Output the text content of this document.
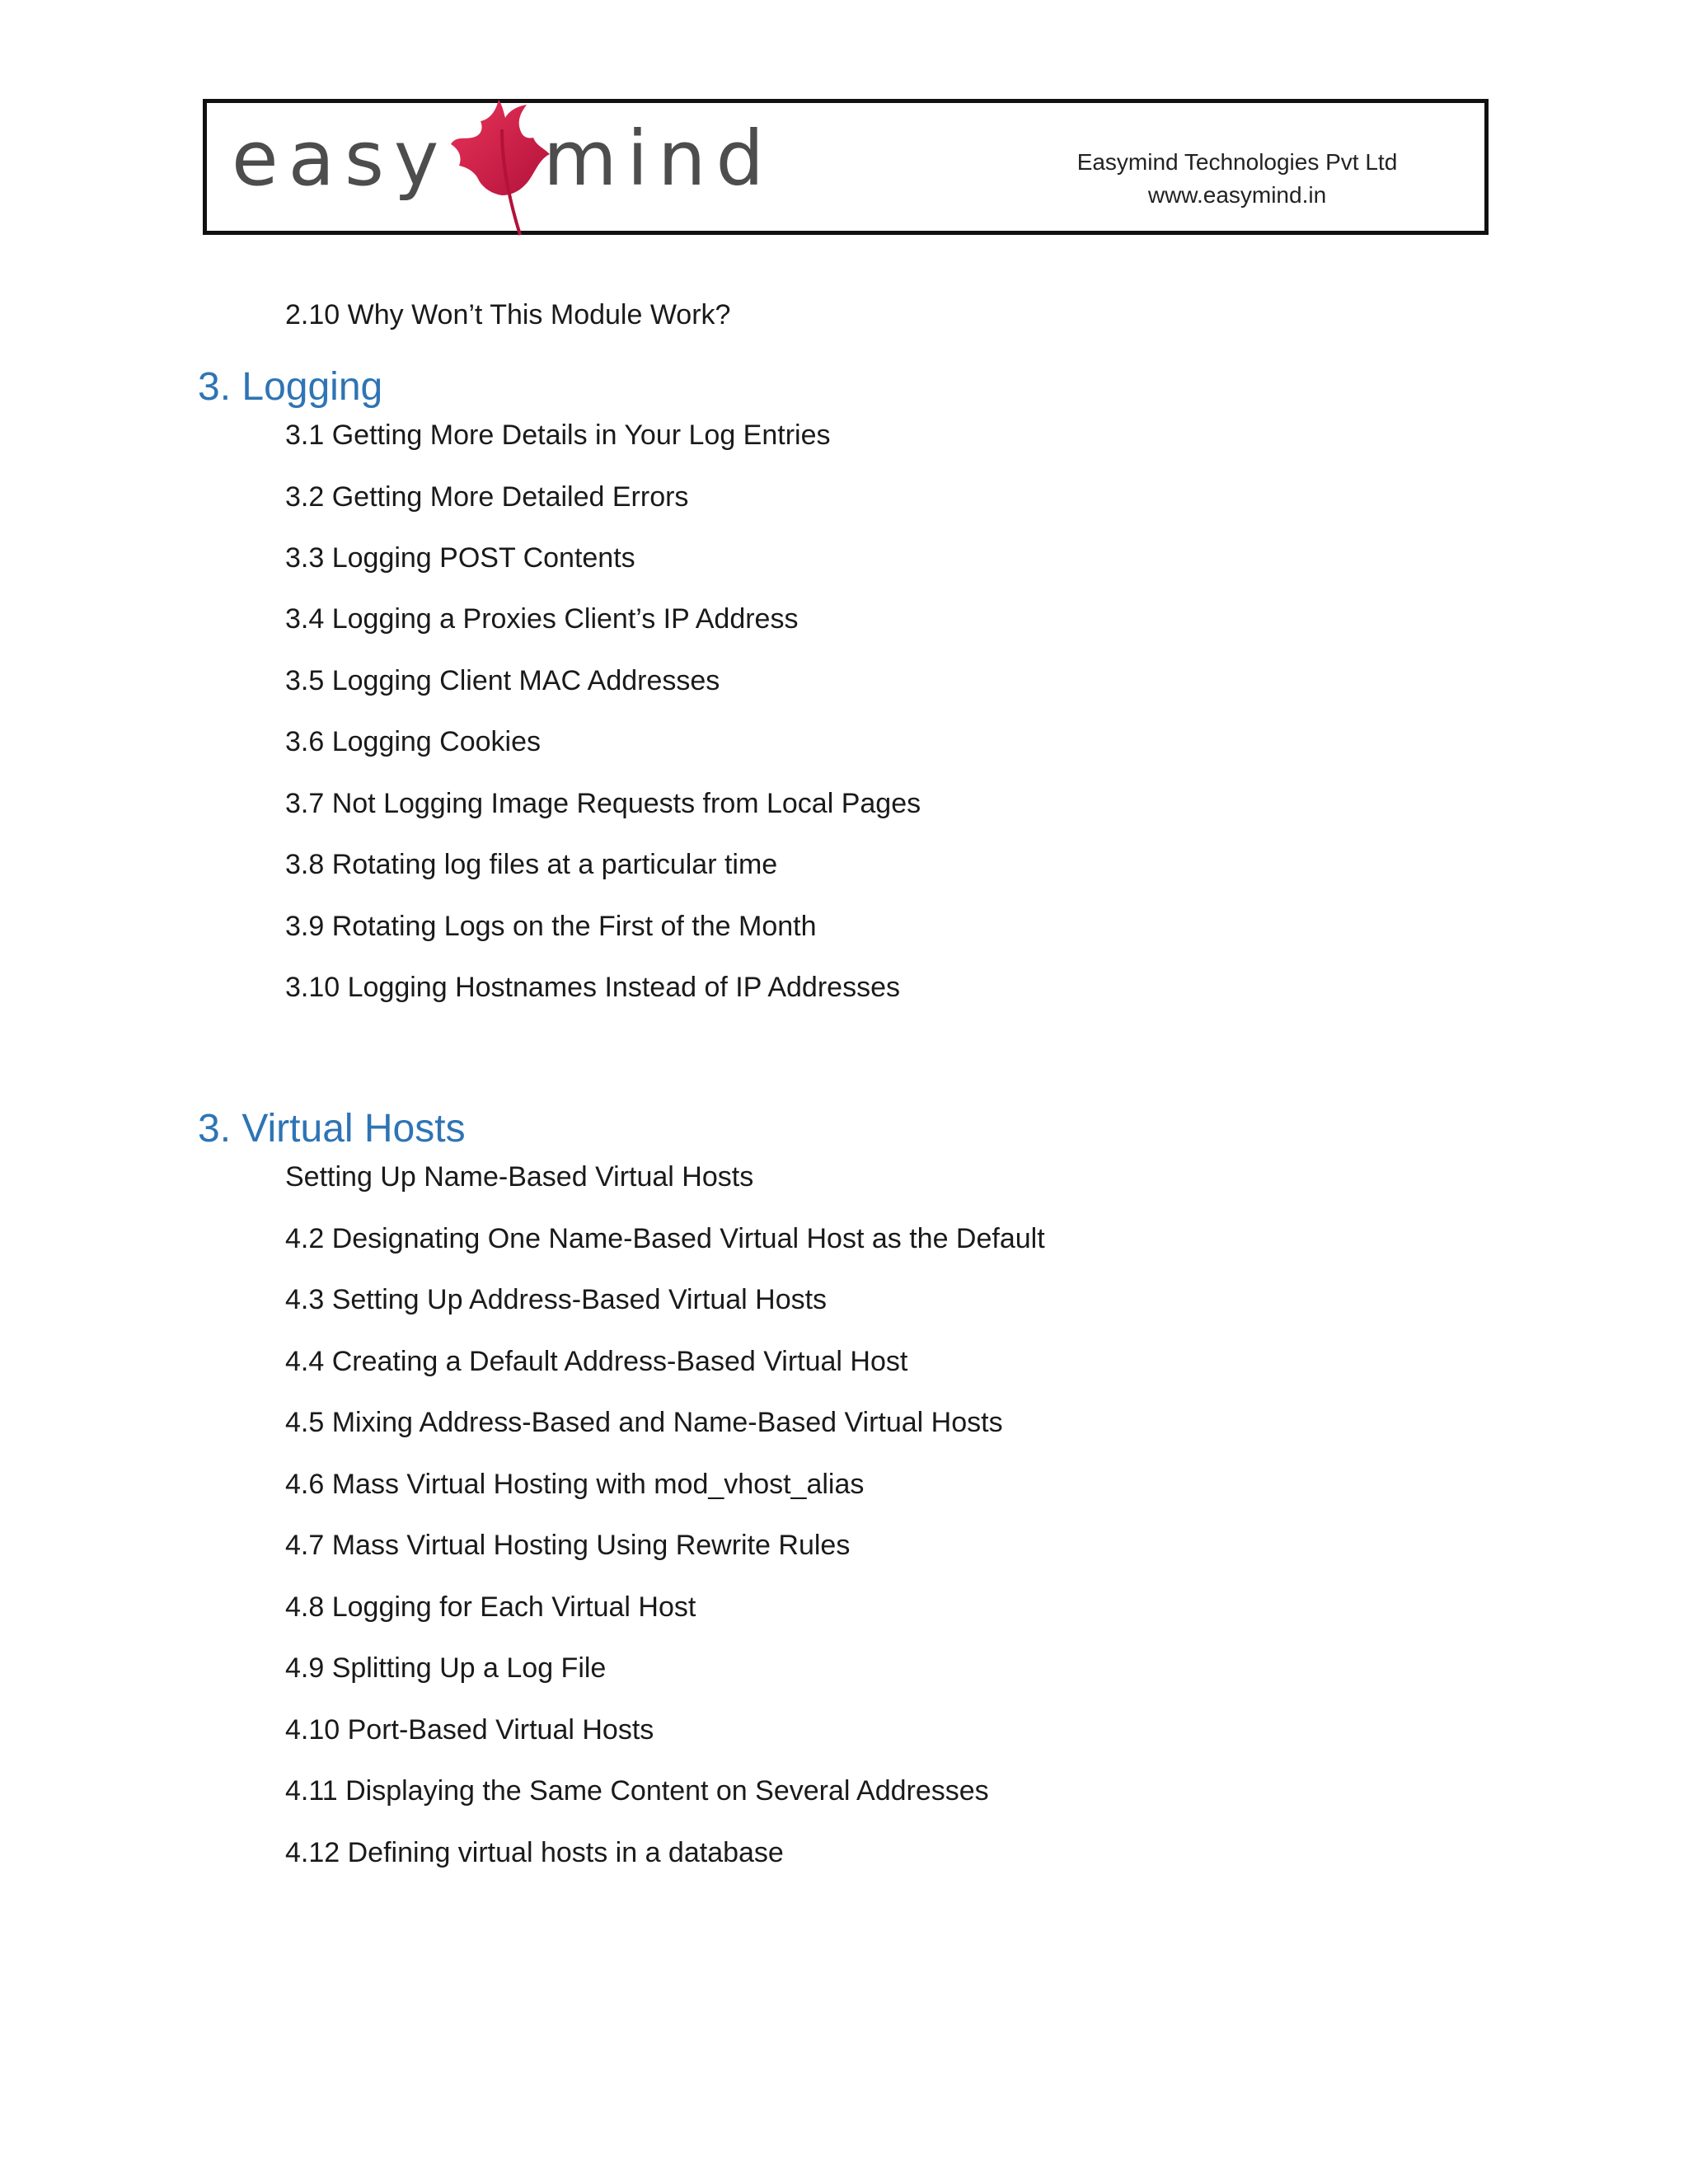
easy mind	Easymind Technologies Pvt Ltd
www.easymind.in
2.10 Why Won’t This Module Work?
3. Logging
3.1 Getting More Details in Your Log Entries
3.2 Getting More Detailed Errors
3.3 Logging POST Contents
3.4 Logging a Proxies Client’s IP Address
3.5 Logging Client MAC Addresses
3.6 Logging Cookies
3.7 Not Logging Image Requests from Local Pages
3.8 Rotating log files at a particular time
3.9 Rotating Logs on the First of the Month
3.10 Logging Hostnames Instead of IP Addresses
3. Virtual Hosts
Setting Up Name-Based Virtual Hosts
4.2 Designating One Name-Based Virtual Host as the Default
4.3 Setting Up Address-Based Virtual Hosts
4.4 Creating a Default Address-Based Virtual Host
4.5 Mixing Address-Based and Name-Based Virtual Hosts
4.6 Mass Virtual Hosting with mod_vhost_alias
4.7 Mass Virtual Hosting Using Rewrite Rules
4.8 Logging for Each Virtual Host
4.9 Splitting Up a Log File
4.10 Port-Based Virtual Hosts
4.11 Displaying the Same Content on Several Addresses
4.12 Defining virtual hosts in a database
